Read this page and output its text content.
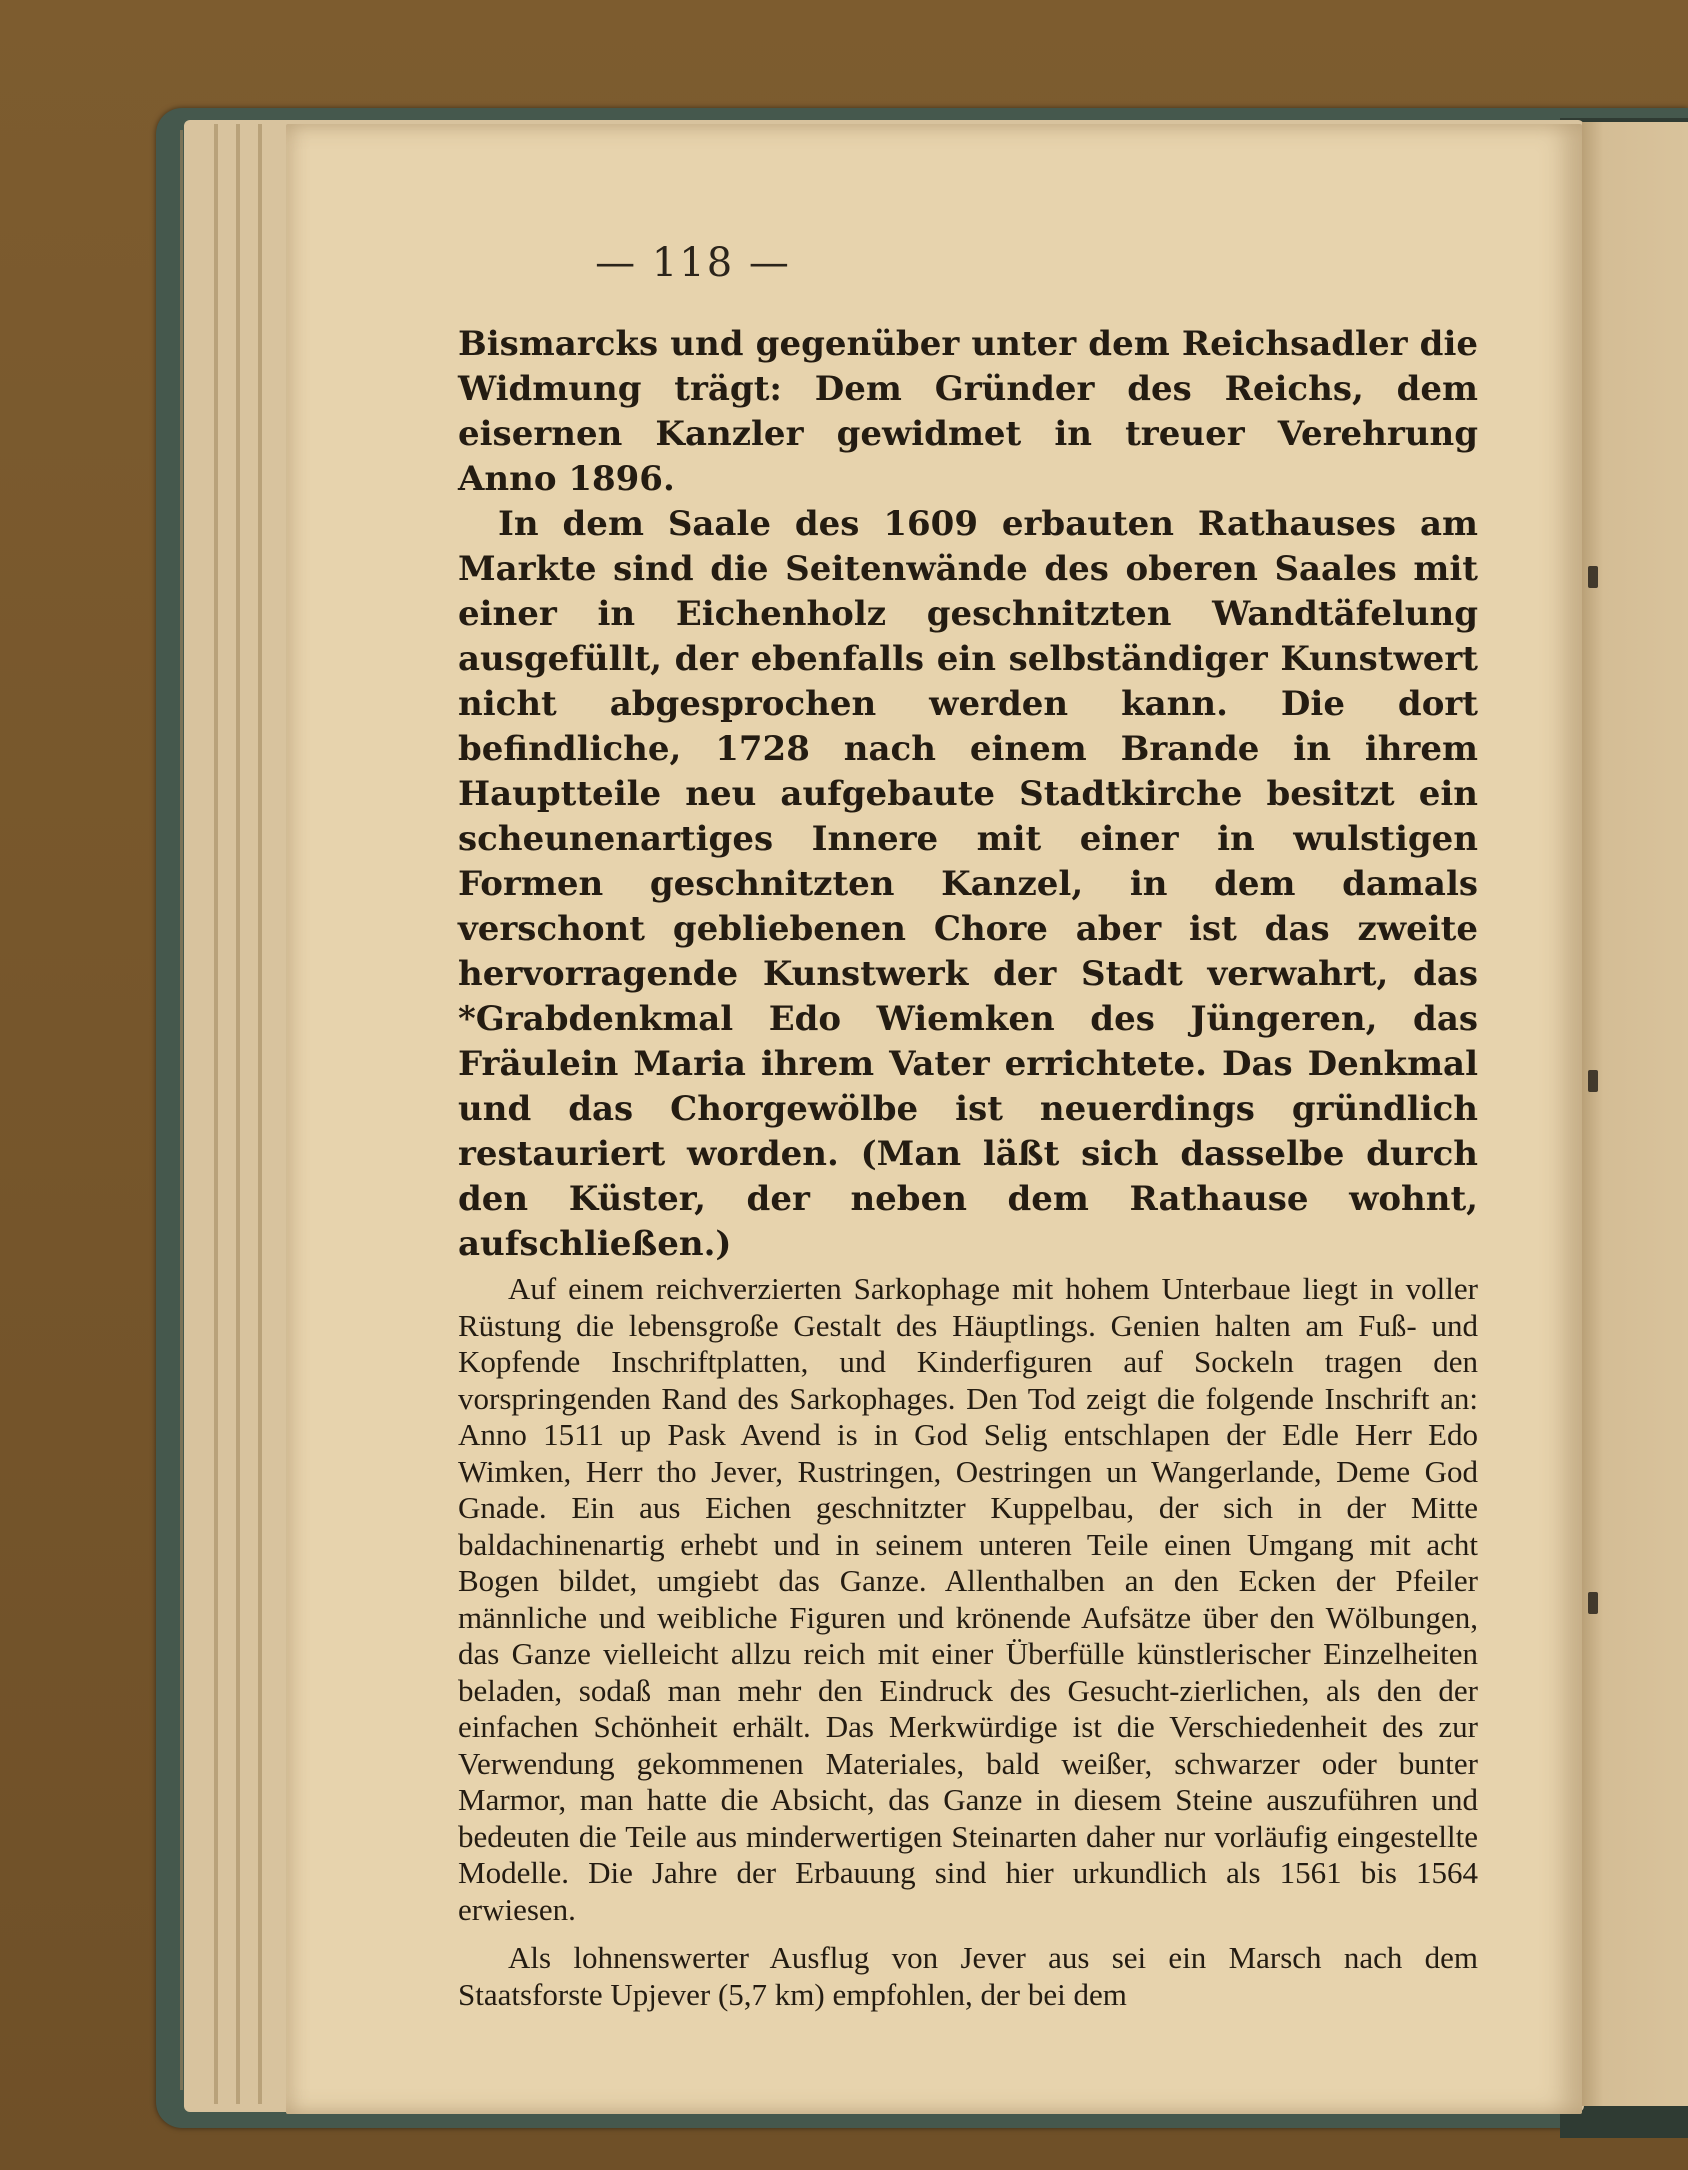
— 118 —

Bismarcks und gegenüber unter dem Reichsadler die Widmung trägt: Dem Gründer des Reichs, dem eisernen Kanzler gewidmet in treuer Verehrung Anno 1896.

In dem Saale des 1609 erbauten Rathauses am Markte sind die Seitenwände des oberen Saales mit einer in Eichenholz geschnitzten Wandtäfelung ausgefüllt, der ebenfalls ein selbständiger Kunstwert nicht abgesprochen werden kann. Die dort befindliche, 1728 nach einem Brande in ihrem Hauptteile neu aufgebaute Stadtkirche besitzt ein scheunenartiges Innere mit einer in wulstigen Formen geschnitzten Kanzel, in dem damals verschont gebliebenen Chore aber ist das zweite hervorragende Kunstwerk der Stadt verwahrt, das *Grabdenkmal Edo Wiemken des Jüngeren, das Fräulein Maria ihrem Vater errichtete. Das Denkmal und das Chorgewölbe ist neuerdings gründlich restauriert worden. (Man läßt sich dasselbe durch den Küster, der neben dem Rathause wohnt, aufschließen.)

Auf einem reichverzierten Sarkophage mit hohem Unterbaue liegt in voller Rüstung die lebensgroße Gestalt des Häuptlings. Genien halten am Fuß- und Kopfende Inschriftplatten, und Kinderfiguren auf Sockeln tragen den vorspringenden Rand des Sarkophages. Den Tod zeigt die folgende Inschrift an: Anno 1511 up Pask Avend is in God Selig entschlapen der Edle Herr Edo Wimken, Herr tho Jever, Rustringen, Oestringen un Wangerlande, Deme God Gnade. Ein aus Eichen geschnitzter Kuppelbau, der sich in der Mitte baldachinenartig erhebt und in seinem unteren Teile einen Umgang mit acht Bogen bildet, umgiebt das Ganze. Allenthalben an den Ecken der Pfeiler männliche und weibliche Figuren und krönende Aufsätze über den Wölbungen, das Ganze vielleicht allzu reich mit einer Überfülle künstlerischer Einzelheiten beladen, sodaß man mehr den Eindruck des Gesucht-zierlichen, als den der einfachen Schönheit erhält. Das Merkwürdige ist die Verschiedenheit des zur Verwendung gekommenen Materiales, bald weißer, schwarzer oder bunter Marmor, man hatte die Absicht, das Ganze in diesem Steine auszuführen und bedeuten die Teile aus minderwertigen Steinarten daher nur vorläufig eingestellte Modelle. Die Jahre der Erbauung sind hier urkundlich als 1561 bis 1564 erwiesen.

Als lohnenswerter Ausflug von Jever aus sei ein Marsch nach dem Staatsforste Upjever (5,7 km) empfohlen, der bei dem
